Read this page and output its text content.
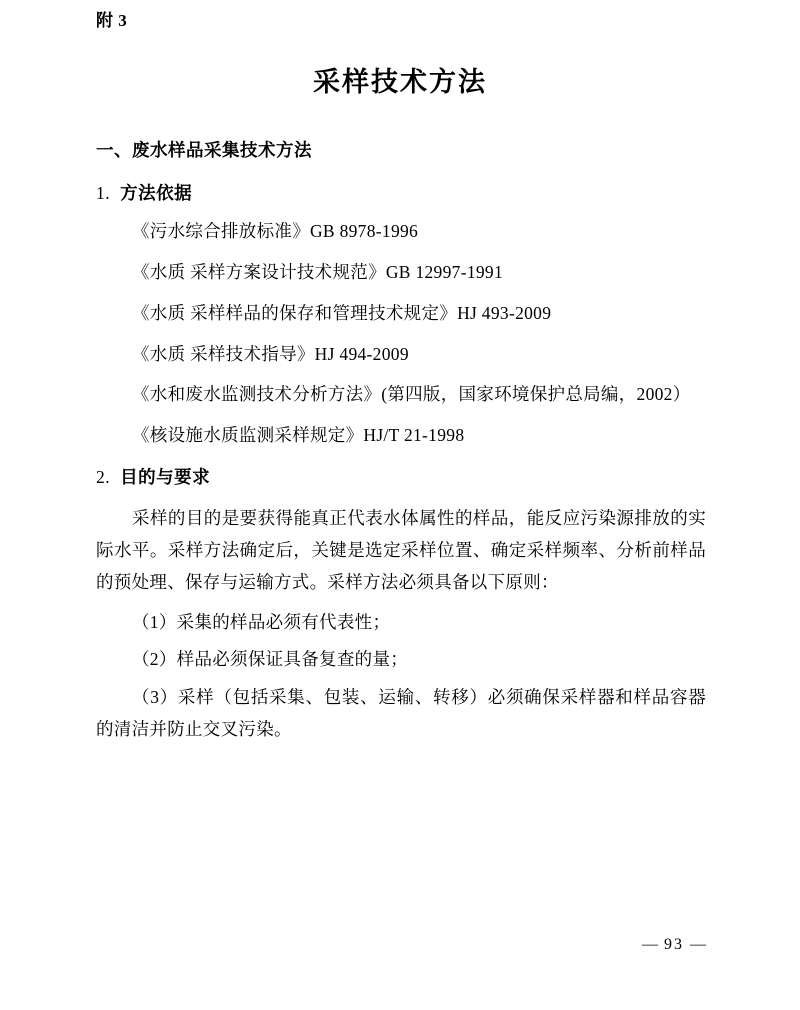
附 3
采样技术方法

一、废水样品采集技术方法

1. 方法依据

《污水综合排放标准》GB 8978-1996

《水质 采样方案设计技术规范》GB 12997-1991

《水质 采样样品的保存和管理技术规定》HJ 493-2009

《水质 采样技术指导》HJ 494-2009

《水和废水监测技术分析方法》(第四版，国家环境保护总局编，2002）

《核设施水质监测采样规定》HJ/T 21-1998

2. 目的与要求

采样的目的是要获得能真正代表水体属性的样品，能反应污染源排放的实际水平。采样方法确定后，关键是选定采样位置、确定采样频率、分析前样品的预处理、保存与运输方式。采样方法必须具备以下原则：

（1）采集的样品必须有代表性；

（2）样品必须保证具备复查的量；

（3）采样（包括采集、包装、运输、转移）必须确保采样器和样品容器的清洁并防止交叉污染。

— 93 —
